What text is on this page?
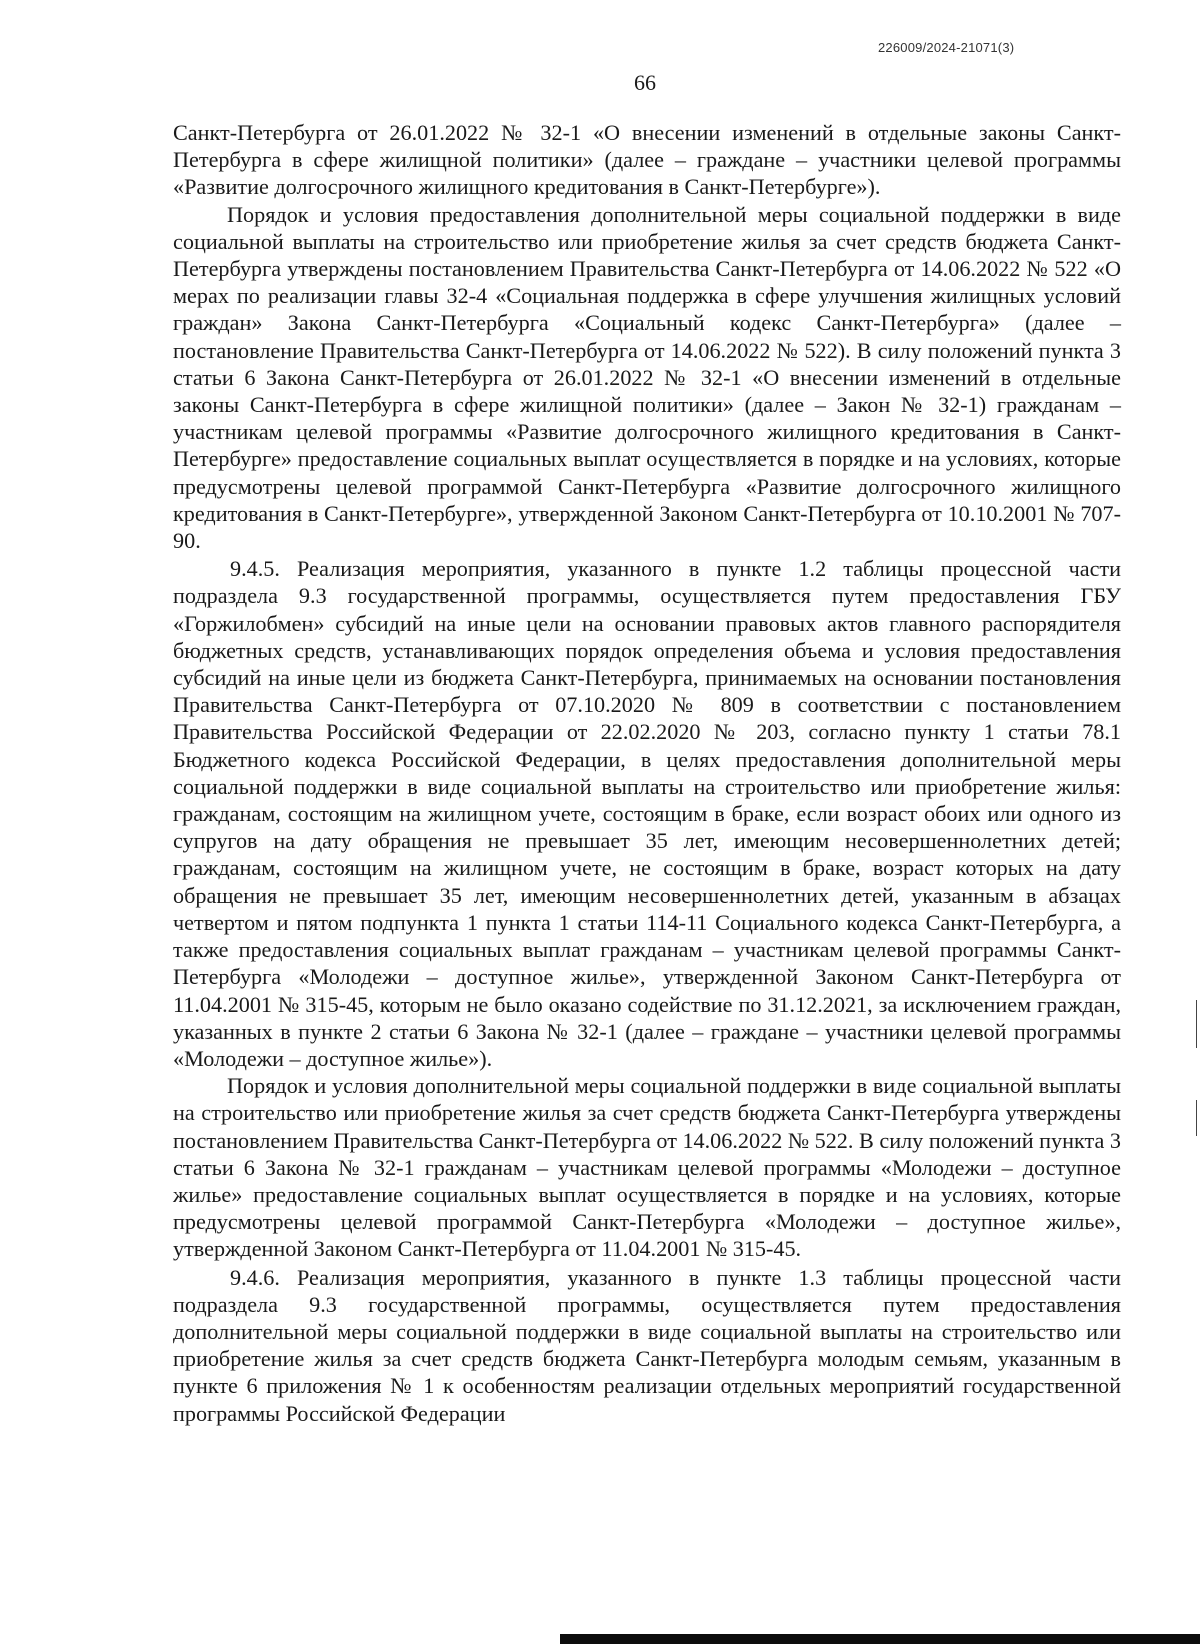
226009/2024-21071(3)
66

Санкт-Петербурга от 26.01.2022 № 32-1 «О внесении изменений в отдельные законы Санкт-Петербурга в сфере жилищной политики» (далее – граждане – участники целевой программы «Развитие долгосрочного жилищного кредитования в Санкт-Петербурге»).

Порядок и условия предоставления дополнительной меры социальной поддержки в виде социальной выплаты на строительство или приобретение жилья за счет средств бюджета Санкт-Петербурга утверждены постановлением Правительства Санкт-Петербурга от 14.06.2022 № 522 «О мерах по реализации главы 32-4 «Социальная поддержка в сфере улучшения жилищных условий граждан» Закона Санкт-Петербурга «Социальный кодекс Санкт-Петербурга» (далее – постановление Правительства Санкт-Петербурга от 14.06.2022 № 522). В силу положений пункта 3 статьи 6 Закона Санкт-Петербурга от 26.01.2022 № 32-1 «О внесении изменений в отдельные законы Санкт-Петербурга в сфере жилищной политики» (далее – Закон № 32-1) гражданам – участникам целевой программы «Развитие долгосрочного жилищного кредитования в Санкт-Петербурге» предоставление социальных выплат осуществляется в порядке и на условиях, которые предусмотрены целевой программой Санкт-Петербурга «Развитие долгосрочного жилищного кредитования в Санкт-Петербурге», утвержденной Законом Санкт-Петербурга от 10.10.2001 № 707-90.

9.4.5. Реализация мероприятия, указанного в пункте 1.2 таблицы процессной части подраздела 9.3 государственной программы, осуществляется путем предоставления ГБУ «Горжилобмен» субсидий на иные цели на основании правовых актов главного распорядителя бюджетных средств, устанавливающих порядок определения объема и условия предоставления субсидий на иные цели из бюджета Санкт-Петербурга, принимаемых на основании постановления Правительства Санкт-Петербурга от 07.10.2020 № 809 в соответствии с постановлением Правительства Российской Федерации от 22.02.2020 № 203, согласно пункту 1 статьи 78.1 Бюджетного кодекса Российской Федерации, в целях предоставления дополнительной меры социальной поддержки в виде социальной выплаты на строительство или приобретение жилья: гражданам, состоящим на жилищном учете, состоящим в браке, если возраст обоих или одного из супругов на дату обращения не превышает 35 лет, имеющим несовершеннолетних детей; гражданам, состоящим на жилищном учете, не состоящим в браке, возраст которых на дату обращения не превышает 35 лет, имеющим несовершеннолетних детей, указанным в абзацах четвертом и пятом подпункта 1 пункта 1 статьи 114-11 Социального кодекса Санкт-Петербурга, а также предоставления социальных выплат гражданам – участникам целевой программы Санкт-Петербурга «Молодежи – доступное жилье», утвержденной Законом Санкт-Петербурга от 11.04.2001 № 315-45, которым не было оказано содействие по 31.12.2021, за исключением граждан, указанных в пункте 2 статьи 6 Закона № 32-1 (далее – граждане – участники целевой программы «Молодежи – доступное жилье»).

Порядок и условия дополнительной меры социальной поддержки в виде социальной выплаты на строительство или приобретение жилья за счет средств бюджета Санкт-Петербурга утверждены постановлением Правительства Санкт-Петербурга от 14.06.2022 № 522. В силу положений пункта 3 статьи 6 Закона № 32-1 гражданам – участникам целевой программы «Молодежи – доступное жилье» предоставление социальных выплат осуществляется в порядке и на условиях, которые предусмотрены целевой программой Санкт-Петербурга «Молодежи – доступное жилье», утвержденной Законом Санкт-Петербурга от 11.04.2001 № 315-45.

9.4.6. Реализация мероприятия, указанного в пункте 1.3 таблицы процессной части подраздела 9.3 государственной программы, осуществляется путем предоставления дополнительной меры социальной поддержки в виде социальной выплаты на строительство или приобретение жилья за счет средств бюджета Санкт-Петербурга молодым семьям, указанным в пункте 6 приложения № 1 к особенностям реализации отдельных мероприятий государственной программы Российской Федерации
